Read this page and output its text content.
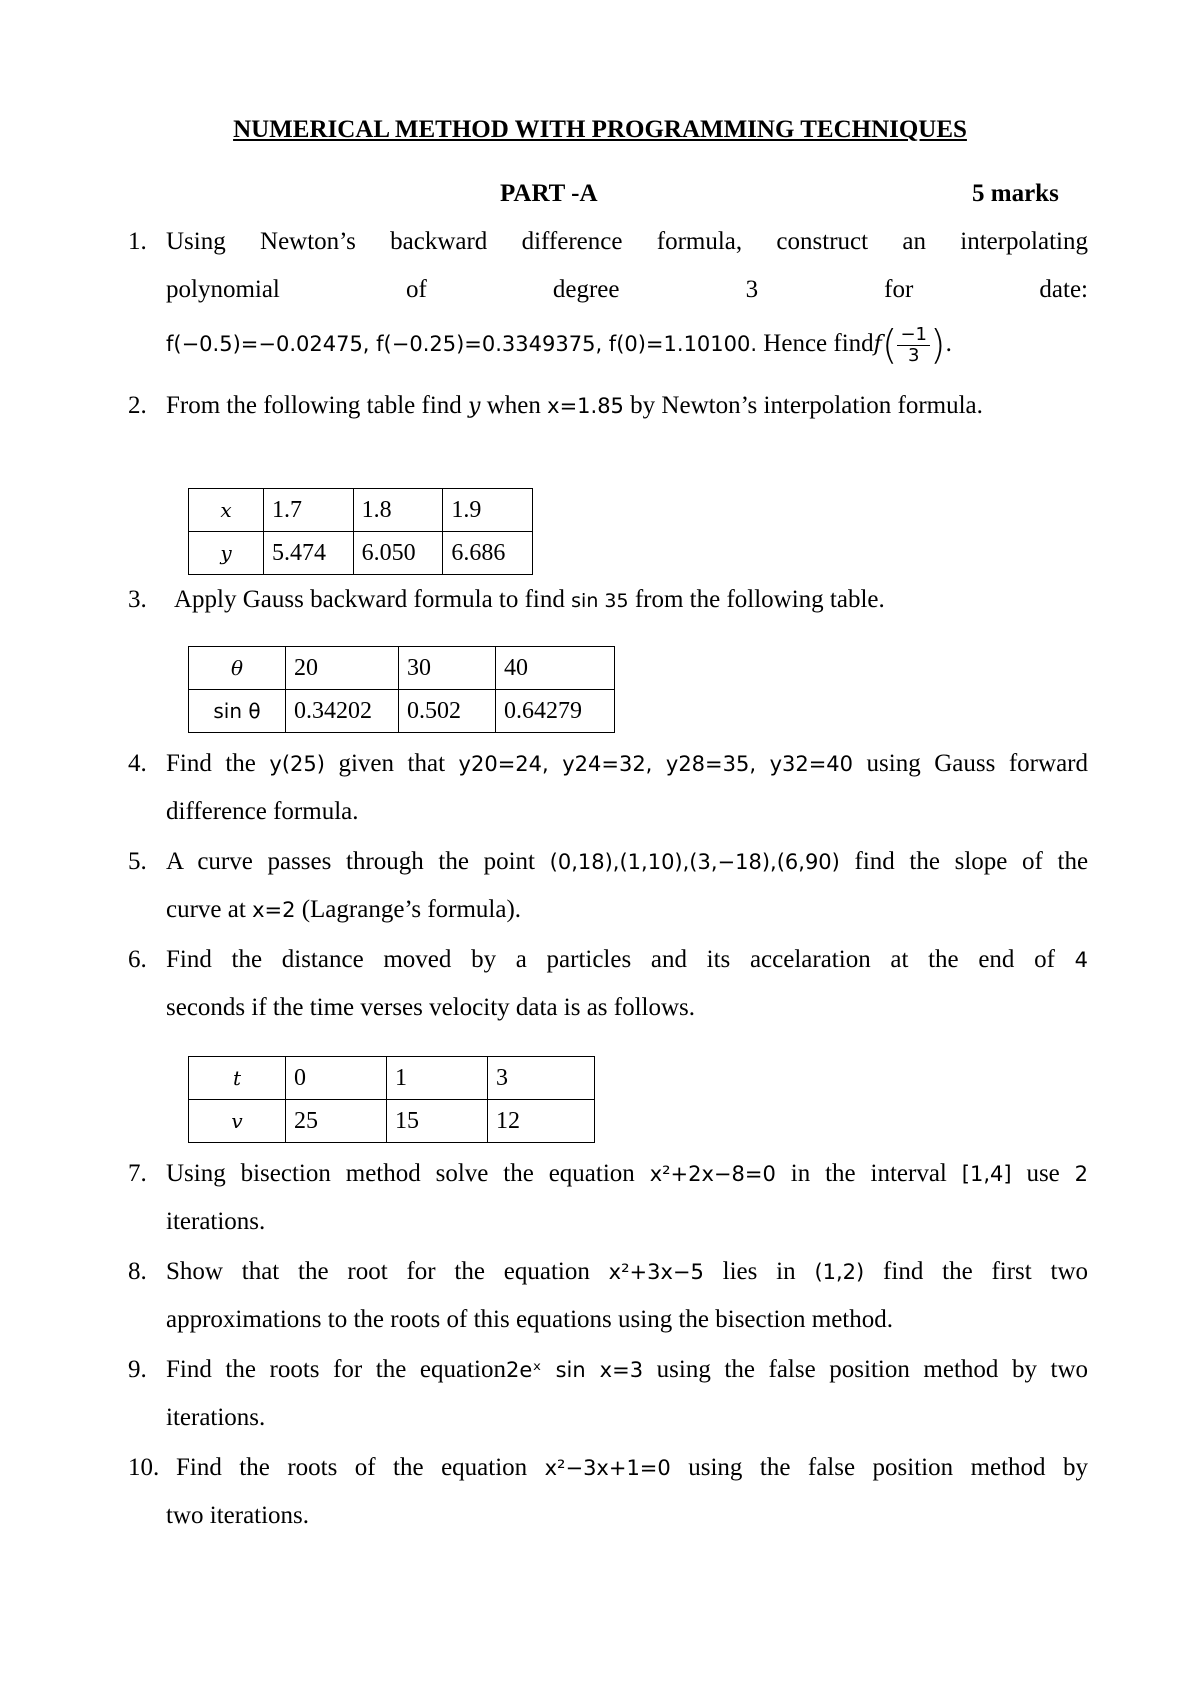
NUMERICAL METHOD WITH PROGRAMMING TECHNIQUES
PART -A	5 marks
1. Using Newton’s backward difference formula, construct an interpolating
polynomial of degree 3 for date:
f(−0.5)=−0.02475, f(−0.25)=0.3349375, f(0)=1.10100. Hence findf( $\frac{-1}{3}$ ).
2. From the following table find y when x=1.85 by Newton’s interpolation formula.
x	1.7	1.8	1.9
y	5.474	6.050	6.686
3. Apply Gauss backward formula to find sin 35 from the following table.
θ	20	30	40
sin θ	0.34202	0.502	0.64279
4. Find the y(25) given that y20=24, y24=32, y28=35, y32=40 using Gauss forward
difference formula.
5. A curve passes through the point (0,18),(1,10),(3,−18),(6,90) find the slope of the
curve at x=2 (Lagrange’s formula).
6. Find the distance moved by a particles and its accelaration at the end of 4
seconds if the time verses velocity data is as follows.
t	0	1	3
v	25	15	12
7. Using bisection method solve the equation x²+2x−8=0 in the interval [1,4] use 2
iterations.
8. Show that the root for the equation x²+3x−5 lies in (1,2) find the first two
approximations to the roots of this equations using the bisection method.
9. Find the roots for the equation2eˣ sin x=3 using the false position method by two
iterations.
10. Find the roots of the equation x²−3x+1=0 using the false position method by
two iterations.
